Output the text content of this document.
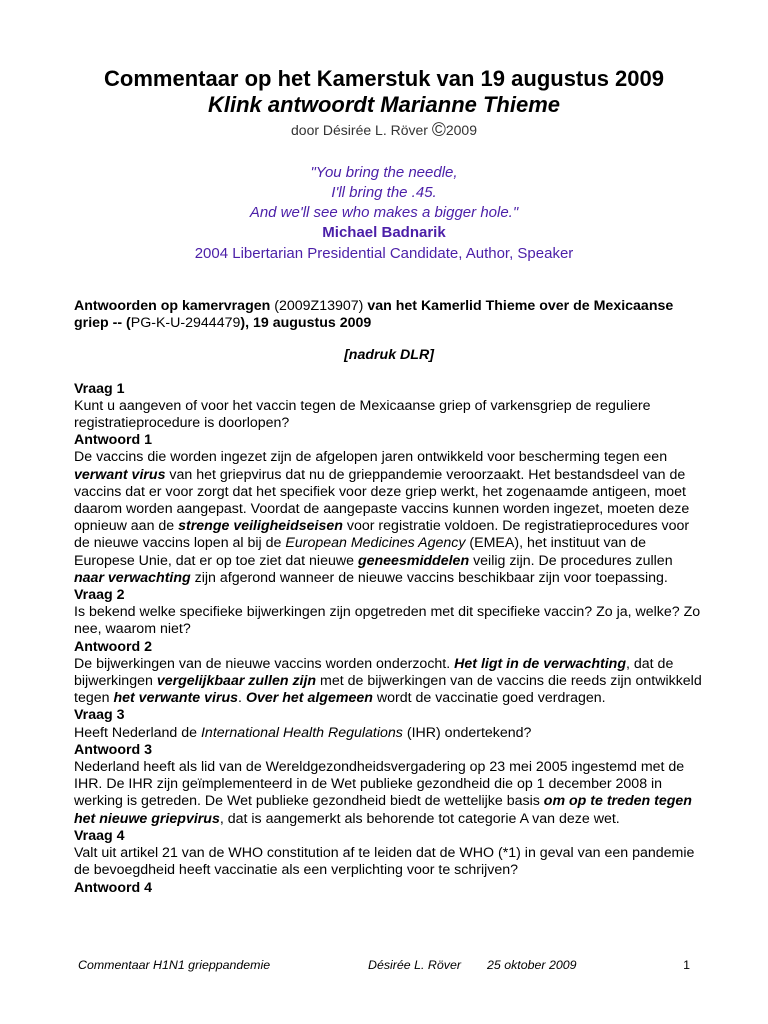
Commentaar op het Kamerstuk van 19 augustus 2009
Klink antwoordt Marianne Thieme
door Désirée L. Röver ©2009
"You bring the needle,
I'll bring the .45.
And we'll see who makes a bigger hole."
Michael Badnarik
2004 Libertarian Presidential Candidate, Author, Speaker

Antwoorden op kamervragen (2009Z13907) van het Kamerlid Thieme over de Mexicaanse griep -- (PG-K-U-2944479), 19 augustus 2009

[nadruk DLR]

Vraag 1

Kunt u aangeven of voor het vaccin tegen de Mexicaanse griep of varkensgriep de reguliere registratieprocedure is doorlopen?

Antwoord 1

De vaccins die worden ingezet zijn de afgelopen jaren ontwikkeld voor bescherming tegen een verwant virus van het griepvirus dat nu de grieppandemie veroorzaakt. Het bestandsdeel van de vaccins dat er voor zorgt dat het specifiek voor deze griep werkt, het zogenaamde antigeen, moet daarom worden aangepast. Voordat de aangepaste vaccins kunnen worden ingezet, moeten deze opnieuw aan de strenge veiligheidseisen voor registratie voldoen. De registratieprocedures voor de nieuwe vaccins lopen al bij de European Medicines Agency (EMEA), het instituut van de Europese Unie, dat er op toe ziet dat nieuwe geneesmiddelen veilig zijn. De procedures zullen naar verwachting zijn afgerond wanneer de nieuwe vaccins beschikbaar zijn voor toepassing.

Vraag 2

Is bekend welke specifieke bijwerkingen zijn opgetreden met dit specifieke vaccin? Zo ja, welke? Zo nee, waarom niet?

Antwoord 2

De bijwerkingen van de nieuwe vaccins worden onderzocht. Het ligt in de verwachting, dat de bijwerkingen vergelijkbaar zullen zijn met de bijwerkingen van de vaccins die reeds zijn ontwikkeld tegen het verwante virus. Over het algemeen wordt de vaccinatie goed verdragen.

Vraag 3

Heeft Nederland de International Health Regulations (IHR) ondertekend?

Antwoord 3

Nederland heeft als lid van de Wereldgezondheidsvergadering op 23 mei 2005 ingestemd met de IHR. De IHR zijn geïmplementeerd in de Wet publieke gezondheid die op 1 december 2008 in werking is getreden. De Wet publieke gezondheid biedt de wettelijke basis om op te treden tegen het nieuwe griepvirus, dat is aangemerkt als behorende tot categorie A van deze wet.

Vraag 4

Valt uit artikel 21 van de WHO constitution af te leiden dat de WHO (*1) in geval van een pandemie de bevoegdheid heeft vaccinatie als een verplichting voor te schrijven?

Antwoord 4

Commentaar H1N1 grieppandemie	Désirée L. Röver 25 oktober 2009	1
